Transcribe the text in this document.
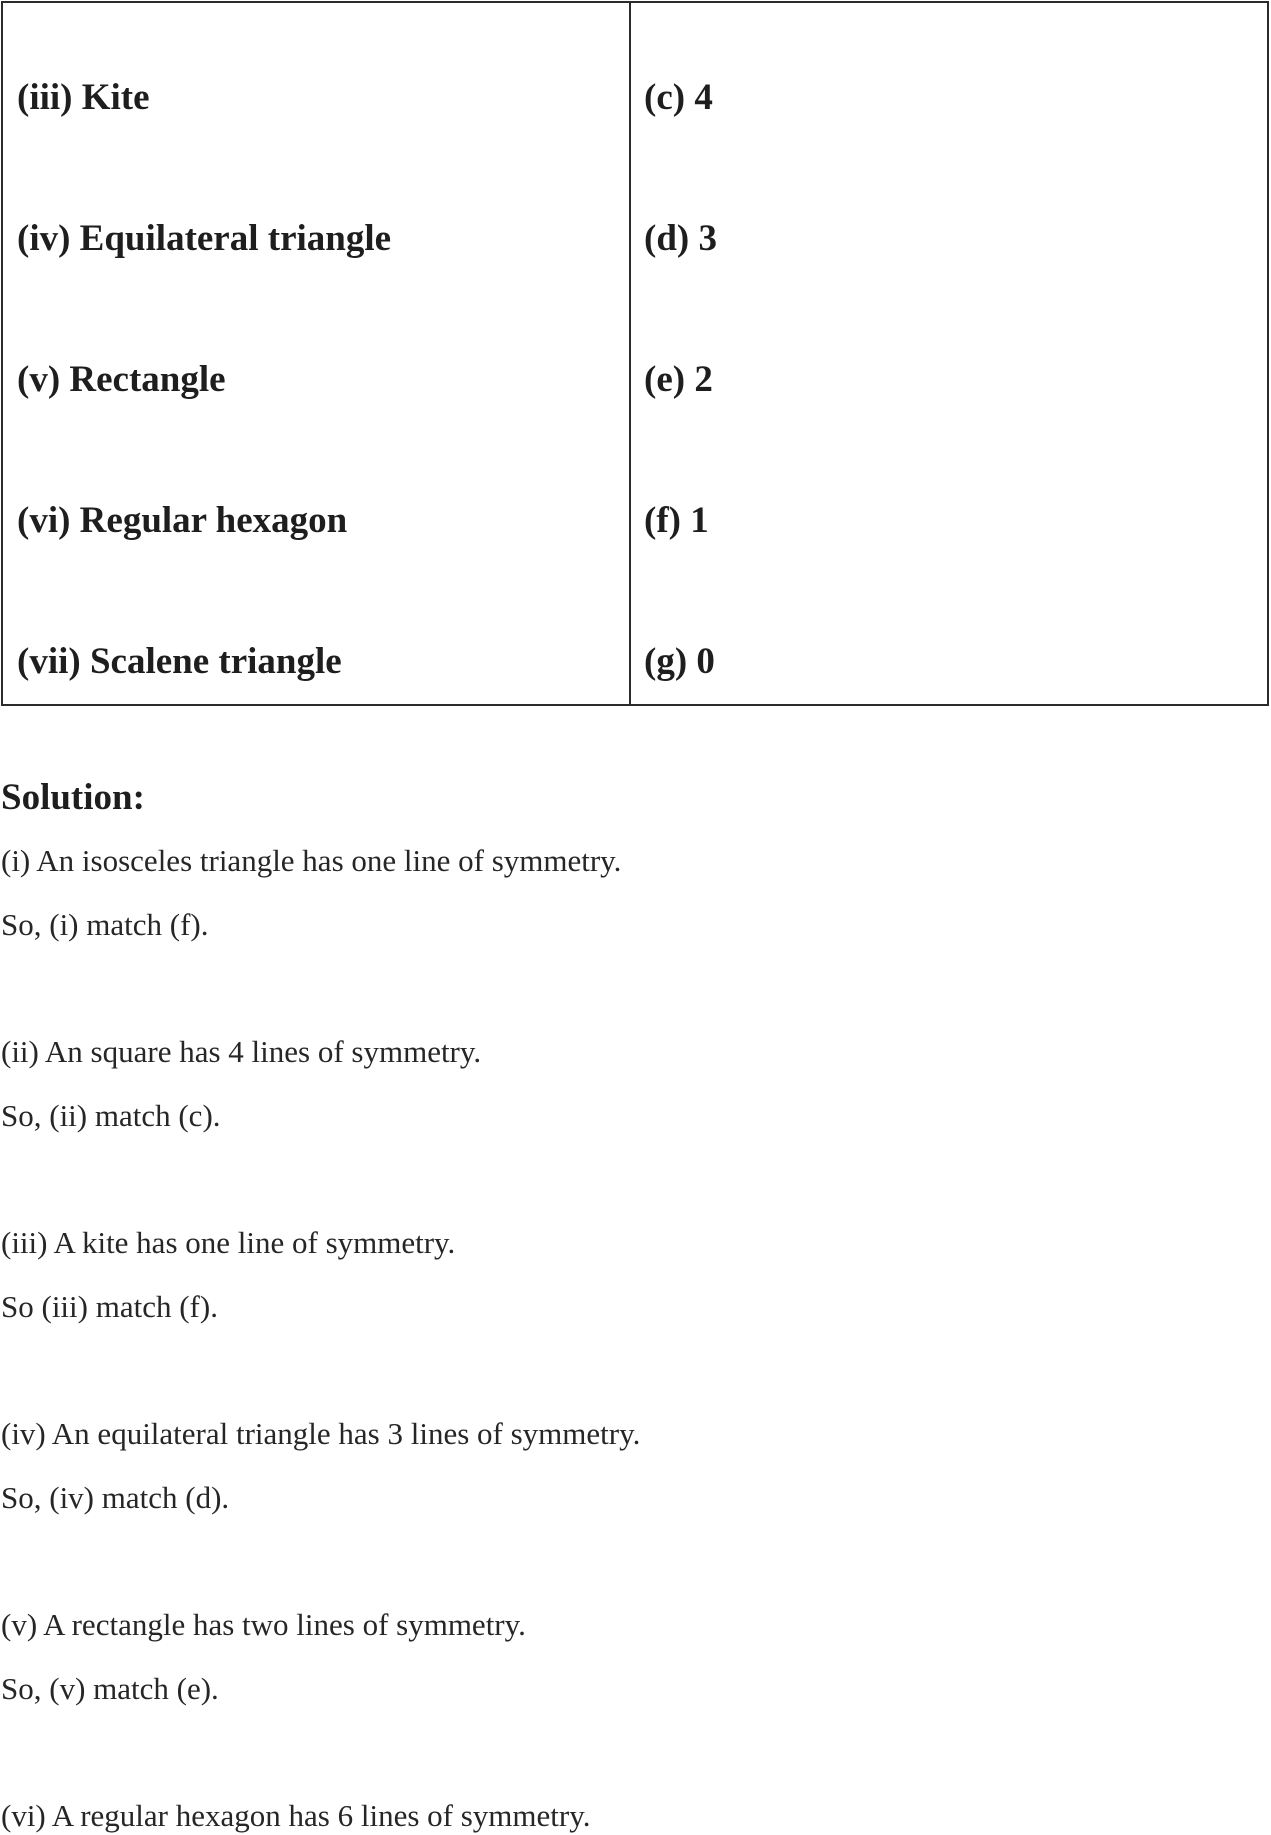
(iii) Kite	(c) 4
(iv) Equilateral triangle	(d) 3
(v) Rectangle	(e) 2
(vi) Regular hexagon	(f) 1
(vii) Scalene triangle	(g) 0
Solution:
(i) An isosceles triangle has one line of symmetry.
So, (i) match (f).
(ii) An square has 4 lines of symmetry.
So, (ii) match (c).
(iii) A kite has one line of symmetry.
So (iii) match (f).
(iv) An equilateral triangle has 3 lines of symmetry.
So, (iv) match (d).
(v) A rectangle has two lines of symmetry.
So, (v) match (e).
(vi) A regular hexagon has 6 lines of symmetry.
